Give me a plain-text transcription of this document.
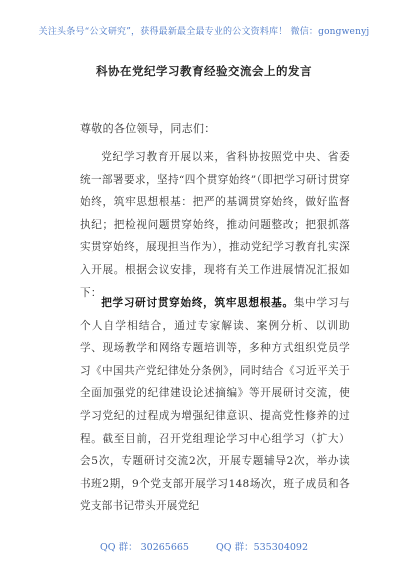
关注头条号“公文研究”，获得最新最全最专业的公文资料库！ 微信：gongwenyj
科协在党纪学习教育经验交流会上的发言
尊敬的各位领导，同志们：

党纪学习教育开展以来，省科协按照党中央、省委统一部署要求，坚持“四个贯穿始终”（即把学习研讨贯穿始终，筑牢思想根基：把严的基调贯穿始终，做好监督执纪；把检视问题贯穿始终，推动问题整改；把狠抓落实贯穿始终，展现担当作为），推动党纪学习教育扎实深入开展。根据会议安排，现将有关工作进展情况汇报如下：

把学习研讨贯穿始终，筑牢思想根基。集中学习与个人自学相结合，通过专家解读、案例分析、以训助学、现场教学和网络专题培训等，多种方式组织党员学习《中国共产党纪律处分条例》，同时结合《习近平关于全面加强党的纪律建设论述摘编》等开展研讨交流，使学习党纪的过程成为增强纪律意识、提高党性修养的过程。截至目前，召开党组理论学习中心组学习（扩大）会5次，专题研讨交流2次，开展专题辅导2次，举办读书班2期，9个党支部开展学习148场次，班子成员和各党支部书记带头开展党纪

QQ 群： 30265665	QQ 群：535304092
